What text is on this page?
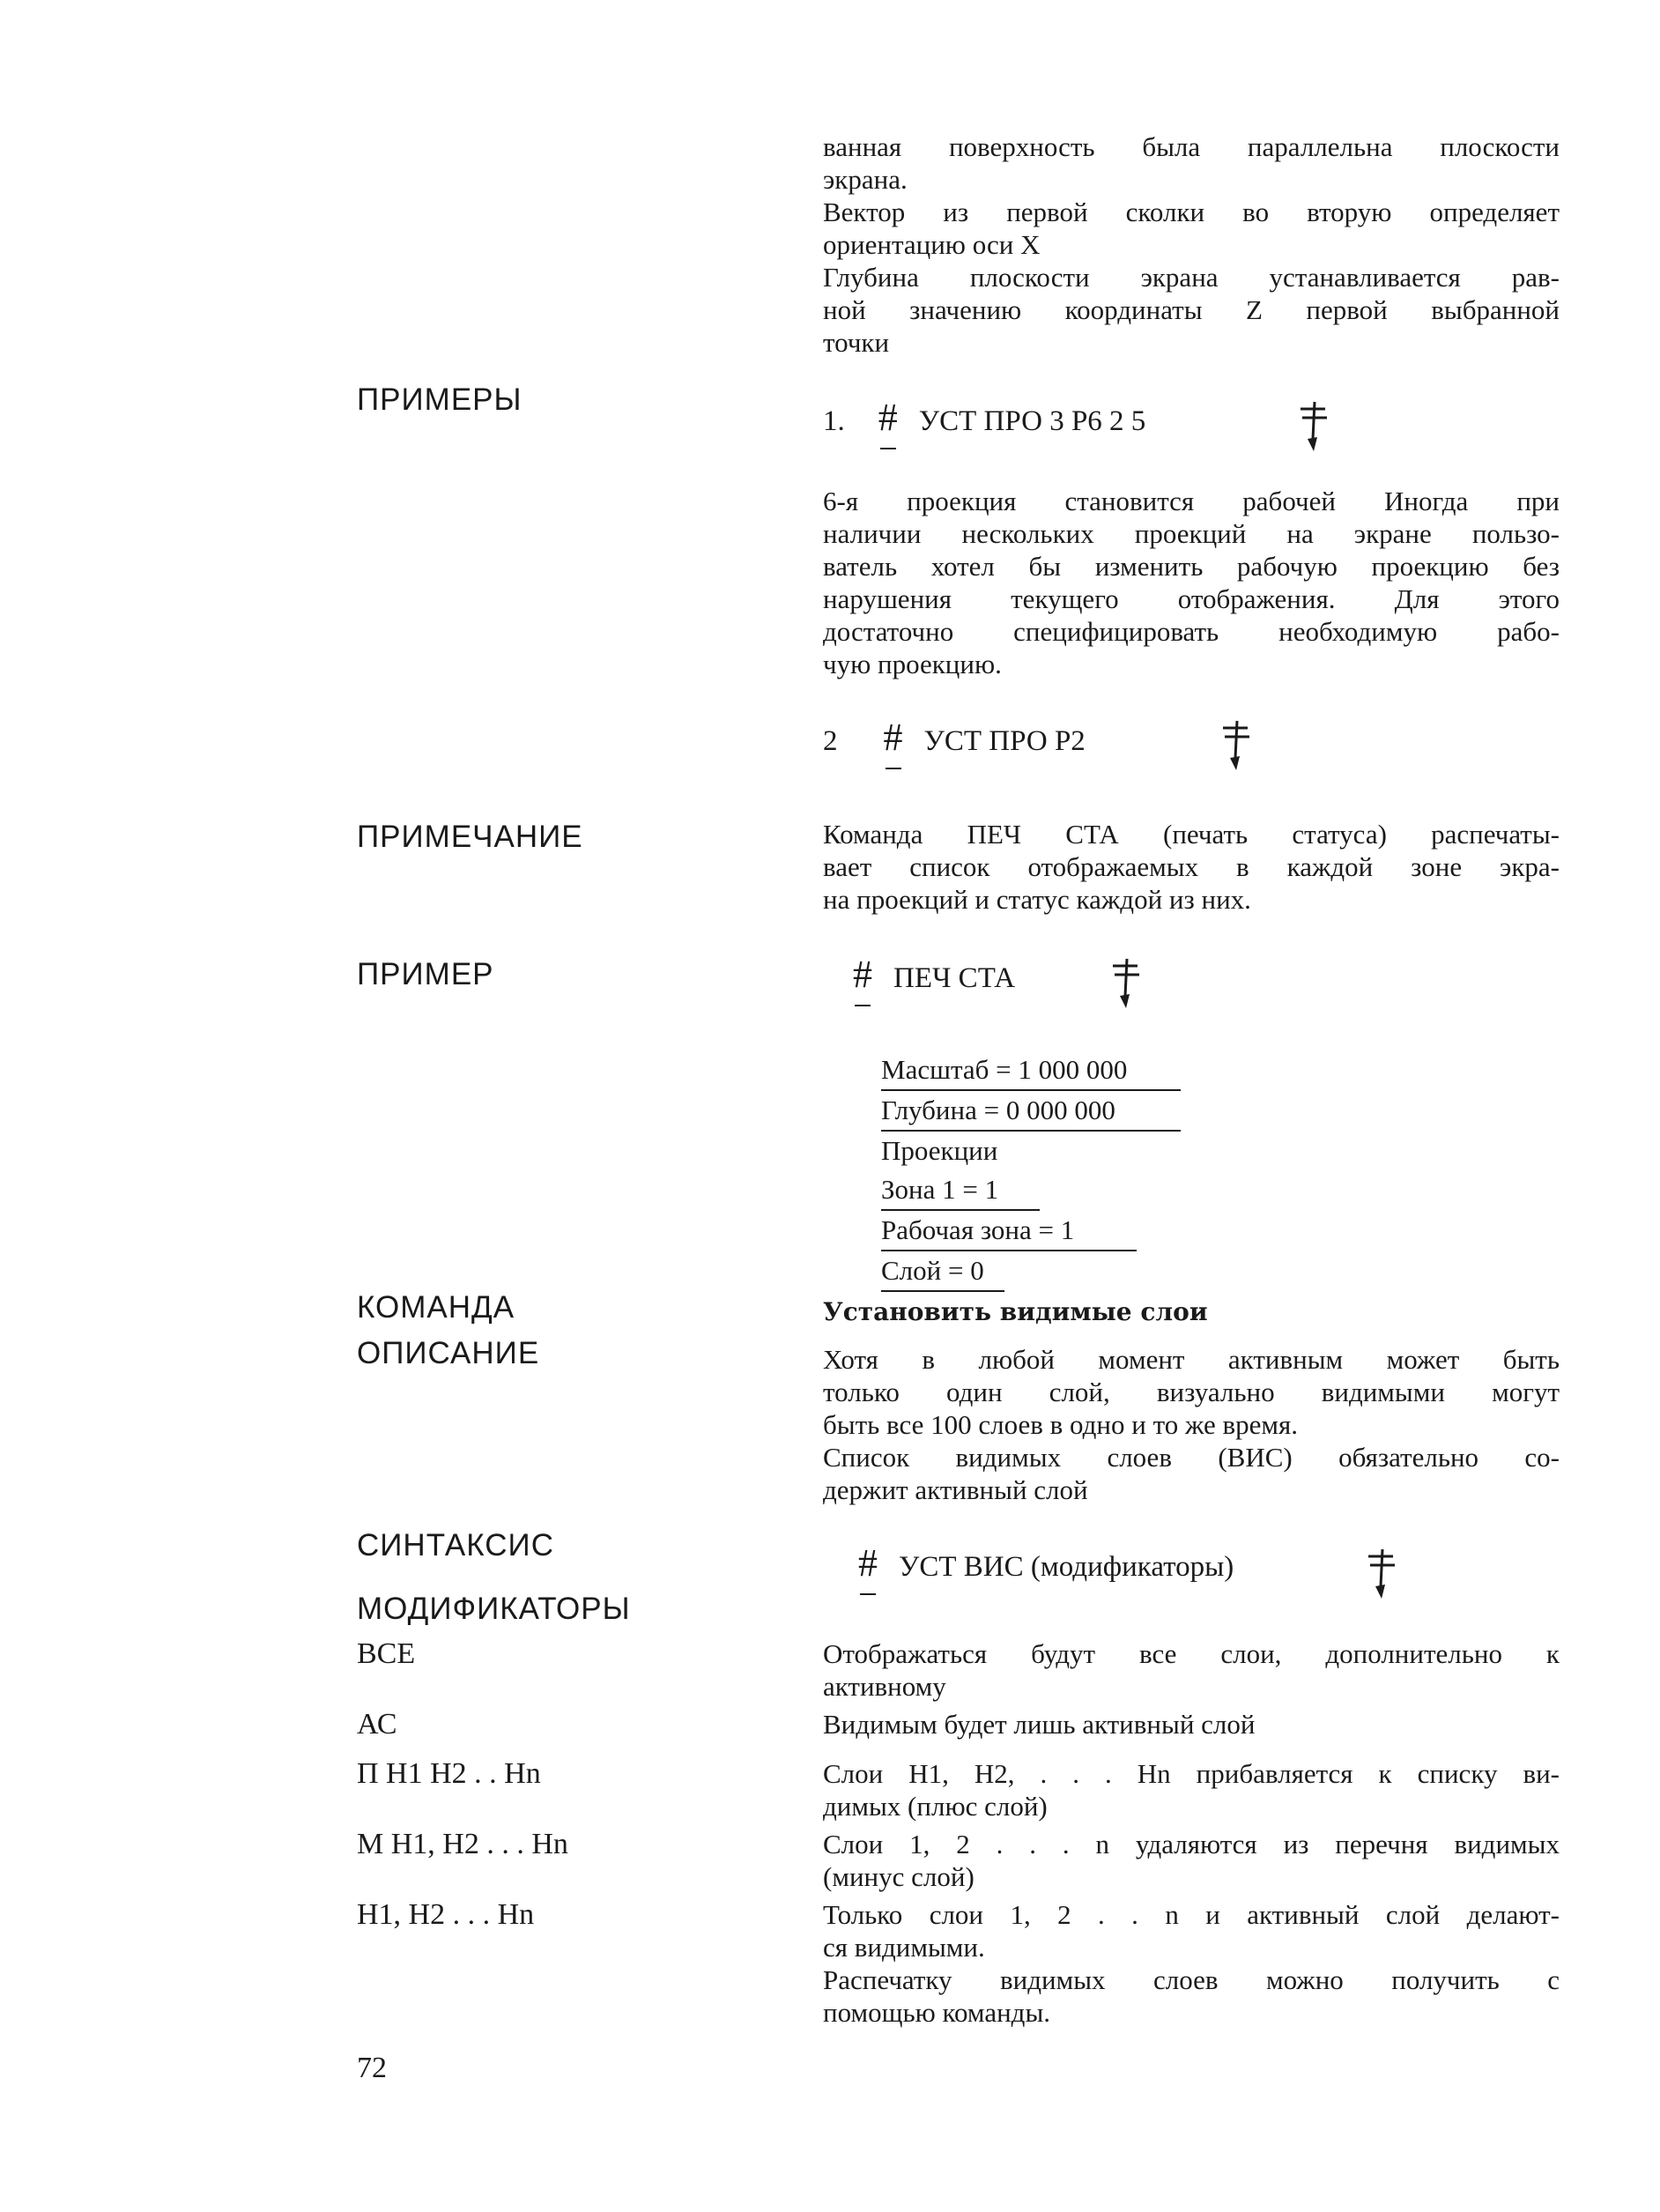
ванная поверхность была параллельна плоскости
экрана.
Вектор из первой сколки во вторую определяет
ориентацию оси X
Глубина плоскости экрана устанавливается рав-
ной значению координаты Z первой выбранной
точки
ПРИМЕРЫ
1. # УСТ ПРО 3 Р6 2 5
6-я проекция становится рабочей Иногда при
наличии нескольких проекций на экране пользо-
ватель хотел бы изменить рабочую проекцию без
нарушения текущего отображения. Для этого
достаточно специфицировать необходимую рабо-
чую проекцию.
2 # УСТ ПРО Р2
ПРИМЕЧАНИЕ	Команда ПЕЧ СТА (печать статуса) распечаты-
вает список отображаемых в каждой зоне экра-
на проекций и статус каждой из них.
ПРИМЕР	# ПЕЧ СТА
Масштаб = 1 000 000
Глубина = 0 000 000
Проекции
Зона 1 = 1
Рабочая зона = 1
Слой = 0
КОМАНДА	Установить видимые слои
ОПИСАНИЕ	Хотя в любой момент активным может быть
только один слой, визуально видимыми могут
быть все 100 слоев в одно и то же время.
Список видимых слоев (ВИС) обязательно со-
держит активный слой
СИНТАКСИС	# УСТ ВИС (модификаторы)
МОДИФИКАТОРЫ
ВСЕ	Отображаться будут все слои, дополнительно к
активному
АС	Видимым будет лишь активный слой
П Н1 Н2 . . Нn	Слои Н1, Н2, . . . Нn прибавляется к списку ви-
димых (плюс слой)
М Н1, Н2 . . . Нn	Слои 1, 2 . . . n удаляются из перечня видимых
(минус слой)
Н1, Н2 . . . Нn	Только слои 1, 2 . . n и активный слой делают-
ся видимыми.
Распечатку видимых слоев можно получить с
помощью команды.
72
